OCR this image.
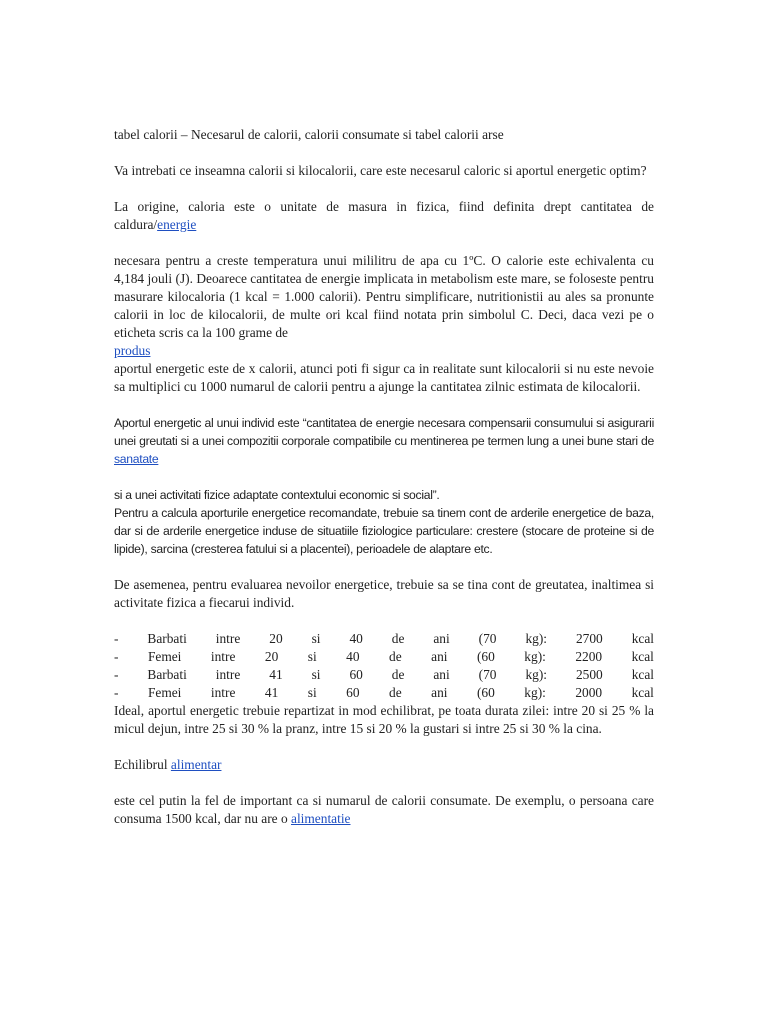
tabel calorii – Necesarul de calorii, calorii consumate si tabel calorii arse

Va intrebati ce inseamna calorii si kilocalorii, care este necesarul caloric si aportul energetic optim?

La origine, caloria este o unitate de masura in fizica, fiind definita drept cantitatea de caldura/energie

necesara pentru a creste temperatura unui mililitru de apa cu 1ºC. O calorie este echivalenta cu 4,184 jouli (J). Deoarece cantitatea de energie implicata in metabolism este mare, se foloseste pentru masurare kilocaloria (1 kcal = 1.000 calorii). Pentru simplificare, nutritionistii au ales sa pronunte calorii in loc de kilocalorii, de multe ori kcal fiind notata prin simbolul C. Deci, daca vezi pe o eticheta scris ca la 100 grame de
produs

aportul energetic este de x calorii, atunci poti fi sigur ca in realitate sunt kilocalorii si nu este nevoie sa multiplici cu 1000 numarul de calorii pentru a ajunge la cantitatea zilnic estimata de kilocalorii.

Aportul energetic al unui individ este “cantitatea de energie necesara compensarii consumului si asigurarii unei greutati si a unei compozitii corporale compatibile cu mentinerea pe termen lung a unei bune stari de sanatate

si a unei activitati fizice adaptate contextului economic si social”.

Pentru a calcula aporturile energetice recomandate, trebuie sa tinem cont de arderile energetice de baza, dar si de arderile energetice induse de situatiile fiziologice particulare: crestere (stocare de proteine si de lipide), sarcina (cresterea fatului si a placentei), perioadele de alaptare etc.

De asemenea, pentru evaluarea nevoilor energetice, trebuie sa se tina cont de greutatea, inaltimea si activitate fizica a fiecarui individ.

- Barbati intre 20 si 40 de ani (70 kg): 2700 kcal
- Femei intre 20 si 40 de ani (60 kg): 2200 kcal
- Barbati intre 41 si 60 de ani (70 kg): 2500 kcal
- Femei intre 41 si 60 de ani (60 kg): 2000 kcal

Ideal, aportul energetic trebuie repartizat in mod echilibrat, pe toata durata zilei: intre 20 si 25 % la micul dejun, intre 25 si 30 % la pranz, intre 15 si 20 % la gustari si intre 25 si 30 % la cina.

Echilibrul alimentar

este cel putin la fel de important ca si numarul de calorii consumate. De exemplu, o persoana care consuma 1500 kcal, dar nu are o alimentatie
